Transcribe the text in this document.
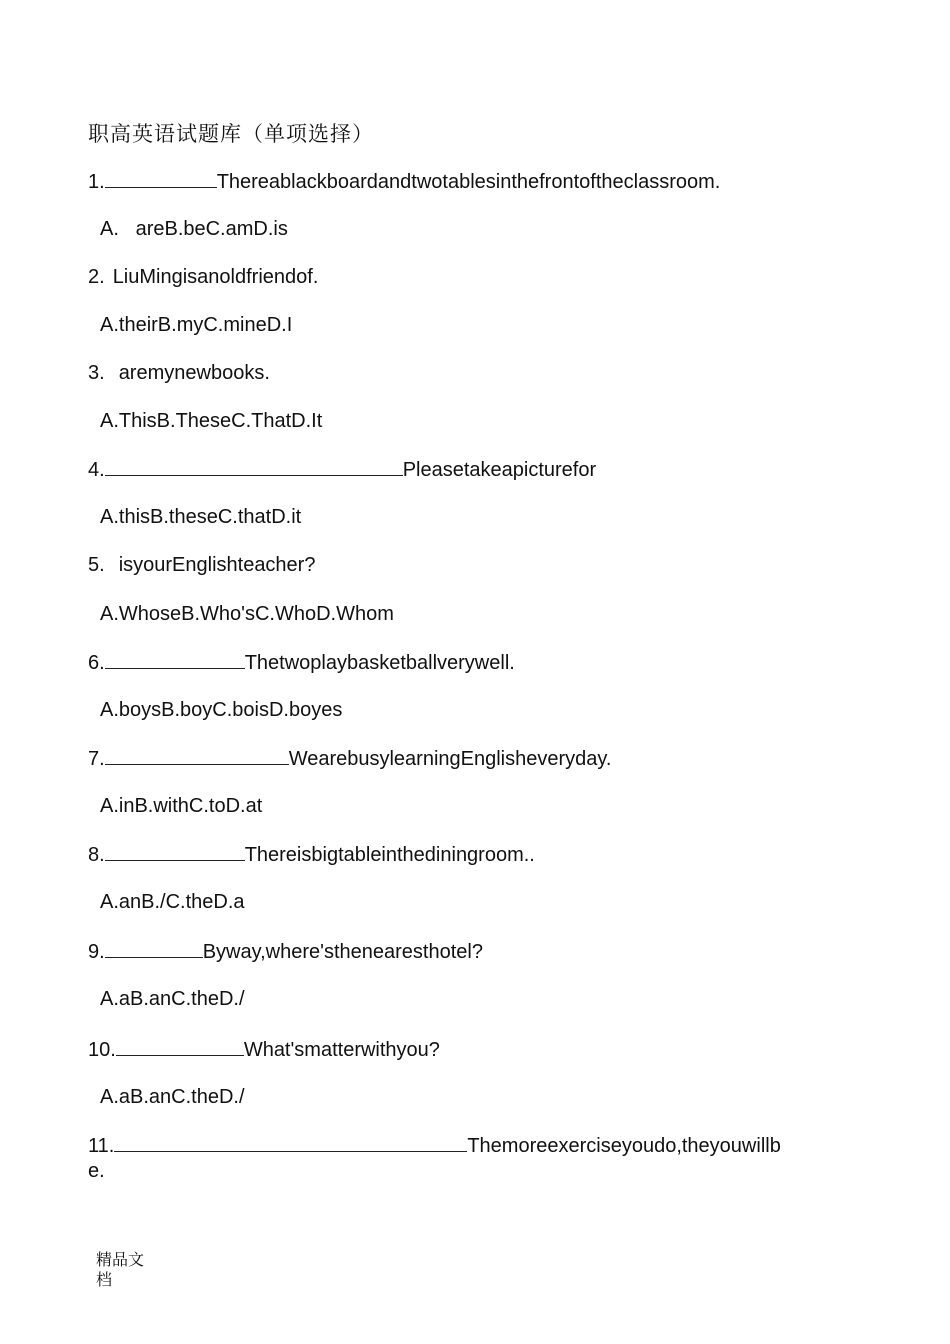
职高英语试题库（单项选择）
1.	Thereablackboardandtwotablesinthefrontoftheclassroom.
A.   areB.beC.amD.is
2. LiuMingisanoldfriendof.
A.theirB.myC.mineD.I
3. aremynewbooks.
A.ThisB.TheseC.ThatD.It
4.	Pleasetakeapicturefor
A.thisB.theseC.thatD.it
5. isyourEnglishteacher?
A.WhoseB.Who'sC.WhoD.Whom
6.	Thetwoplaybasketballverywell.
A.boysB.boyC.boisD.boyes
7.	WearebusylearningEnglisheveryday.
A.inB.withC.toD.at
8.	Thereisbigtableinthediningroom..
A.anB./C.theD.a
9.	Byway,where'sthenearesthotel?
A.aB.anC.theD./
10.	What'smatterwithyou?
A.aB.anC.theD./
11.	Themoreexerciseyoudo,theyouwillb
e.
精品文
档
